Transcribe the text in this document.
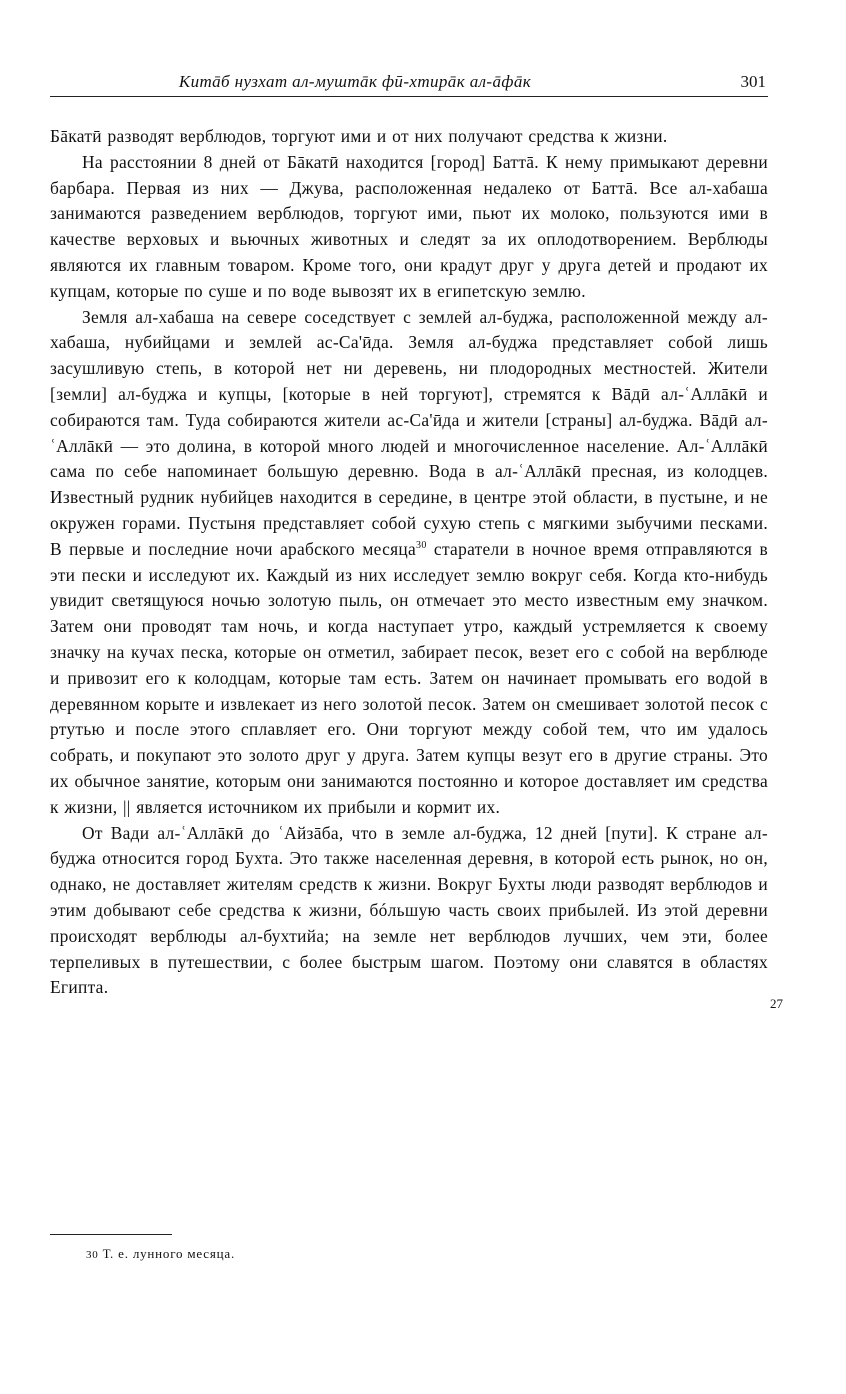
Китāб нузхат ал-муштāк фӣ-хтирāк ал-āфāк	301

Бāкатӣ разводят верблюдов, торгуют ими и от них получают средства к жизни.

На расстоянии 8 дней от Бāкатӣ находится [город] Баттā. К нему примыкают деревни барбара. Первая из них — Джува, расположенная недалеко от Баттā. Все ал-хабаша занимаются разведением верблюдов, торгуют ими, пьют их молоко, пользуются ими в качестве верховых и вьючных животных и следят за их оплодотворением. Верблюды являются их главным товаром. Кроме того, они крадут друг у друга детей и продают их купцам, которые по суше и по воде вывозят их в египетскую землю.

Земля ал-хабаша на севере соседствует с землей ал-буджа, расположенной между ал-хабаша, нубийцами и землей ас-Са'ӣда. Земля ал-буджа представляет собой лишь засушливую степь, в которой нет ни деревень, ни плодородных местностей. Жители [земли] ал-буджа и купцы, [которые в ней торгуют], стремятся к Вāдӣ ал-ʿАллāкӣ и собираются там. Туда собираются жители ас-Са'ӣда и жители [страны] ал-буджа. Вāдӣ ал-ʿАллāкӣ — это долина, в которой много людей и многочисленное население. Ал-ʿАллāкӣ сама по себе напоминает большую деревню. Вода в ал-ʿАллāкӣ пресная, из колодцев. Известный рудник нубийцев находится в середине, в центре этой области, в пустыне, и не окружен горами. Пустыня представляет собой сухую степь с мягкими зыбучими песками. В первые и последние ночи арабского месяца$^{30}$ старатели в ночное время отправляются в эти пески и исследуют их. Каждый из них исследует землю вокруг себя. Когда кто-нибудь увидит светящуюся ночью золотую пыль, он отмечает это место известным ему значком. Затем они проводят там ночь, и когда наступает утро, каждый устремляется к своему значку на кучах песка, которые он отметил, забирает песок, везет его с собой на верблюде и привозит его к колодцам, которые там есть. Затем он начинает промывать его водой в деревянном корыте и извлекает из него золотой песок. Затем он смешивает золотой песок с ртутью и после этого сплавляет его. Они торгуют между собой тем, что им удалось собрать, и покупают это золото друг у друга. Затем купцы везут его в другие страны. Это их обычное занятие, которым они занимаются постоянно и которое доставляет им средства к жизни, || является источником их прибыли и кормит их.

От Вади ал-ʿАллāкӣ до ʿАйзāба, что в земле ал-буджа, 12 дней [пути]. К стране ал-буджа относится город Бухта. Это также населенная деревня, в которой есть рынок, но он, однако, не доставляет жителям средств к жизни. Вокруг Бухты люди разводят верблюдов и этим добывают себе средства к жизни, бóльшую часть своих прибылей. Из этой деревни происходят верблюды ал-бухтийа; на земле нет верблюдов лучших, чем эти, более терпеливых в путешествии, с более быстрым шагом. Поэтому они славятся в областях Египта.

27
30 Т. е. лунного месяца.
